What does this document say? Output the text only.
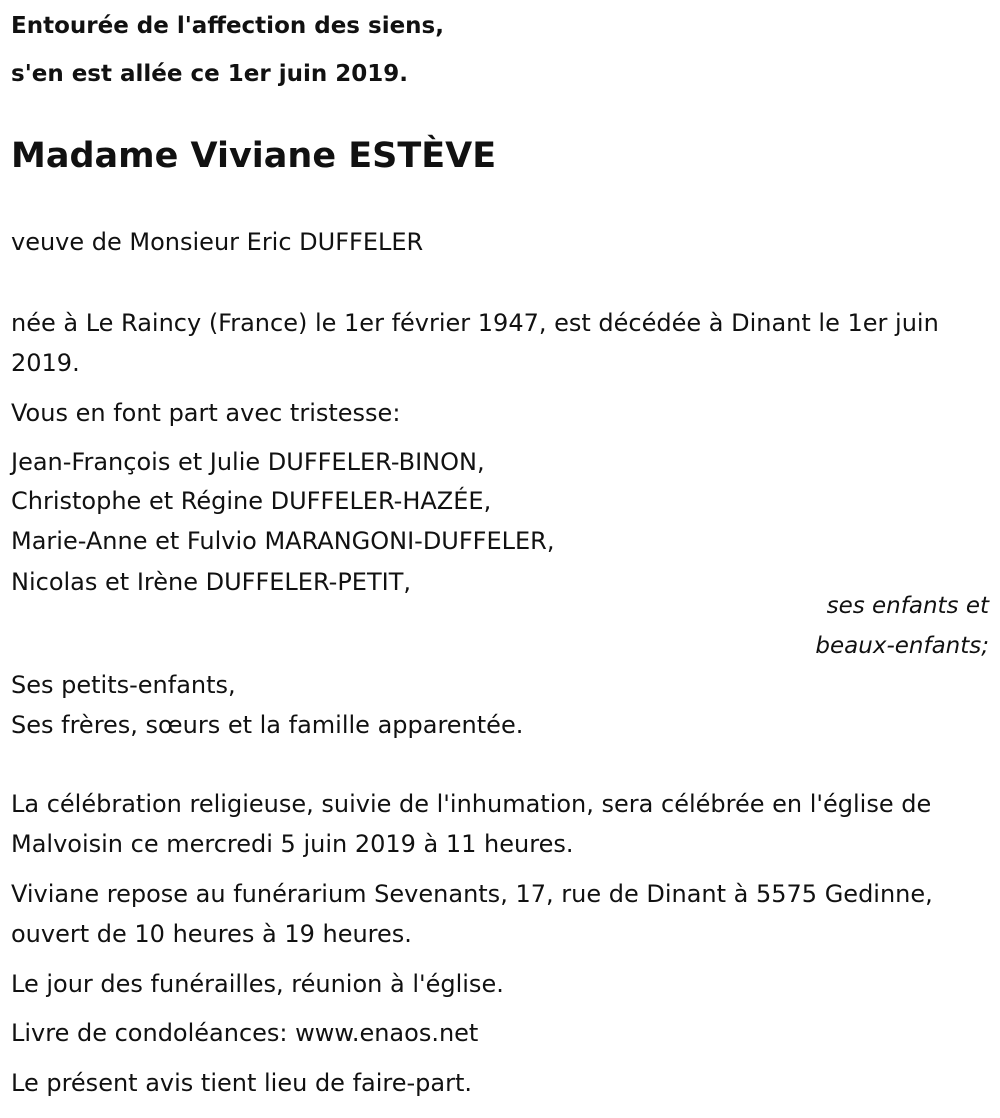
Entourée de l'affection des siens,
s'en est allée ce 1er juin 2019.
Madame Viviane ESTÈVE
veuve de Monsieur Eric DUFFELER
née à Le Raincy (France) le 1er février 1947, est décédée à Dinant le 1er juin 2019.
Vous en font part avec tristesse:
Jean-François et Julie DUFFELER-BINON,
Christophe et Régine DUFFELER-HAZÉE,
Marie-Anne et Fulvio MARANGONI-DUFFELER,
Nicolas et Irène DUFFELER-PETIT,
ses enfants et
beaux-enfants;
Ses petits-enfants,
Ses frères, sœurs et la famille apparentée.
La célébration religieuse, suivie de l'inhumation, sera célébrée en l'église de Malvoisin ce mercredi 5 juin 2019 à 11 heures.
Viviane repose au funérarium Sevenants, 17, rue de Dinant à 5575 Gedinne, ouvert de 10 heures à 19 heures.
Le jour des funérailles, réunion à l'église.
Livre de condoléances: www.enaos.net
Le présent avis tient lieu de faire-part.
